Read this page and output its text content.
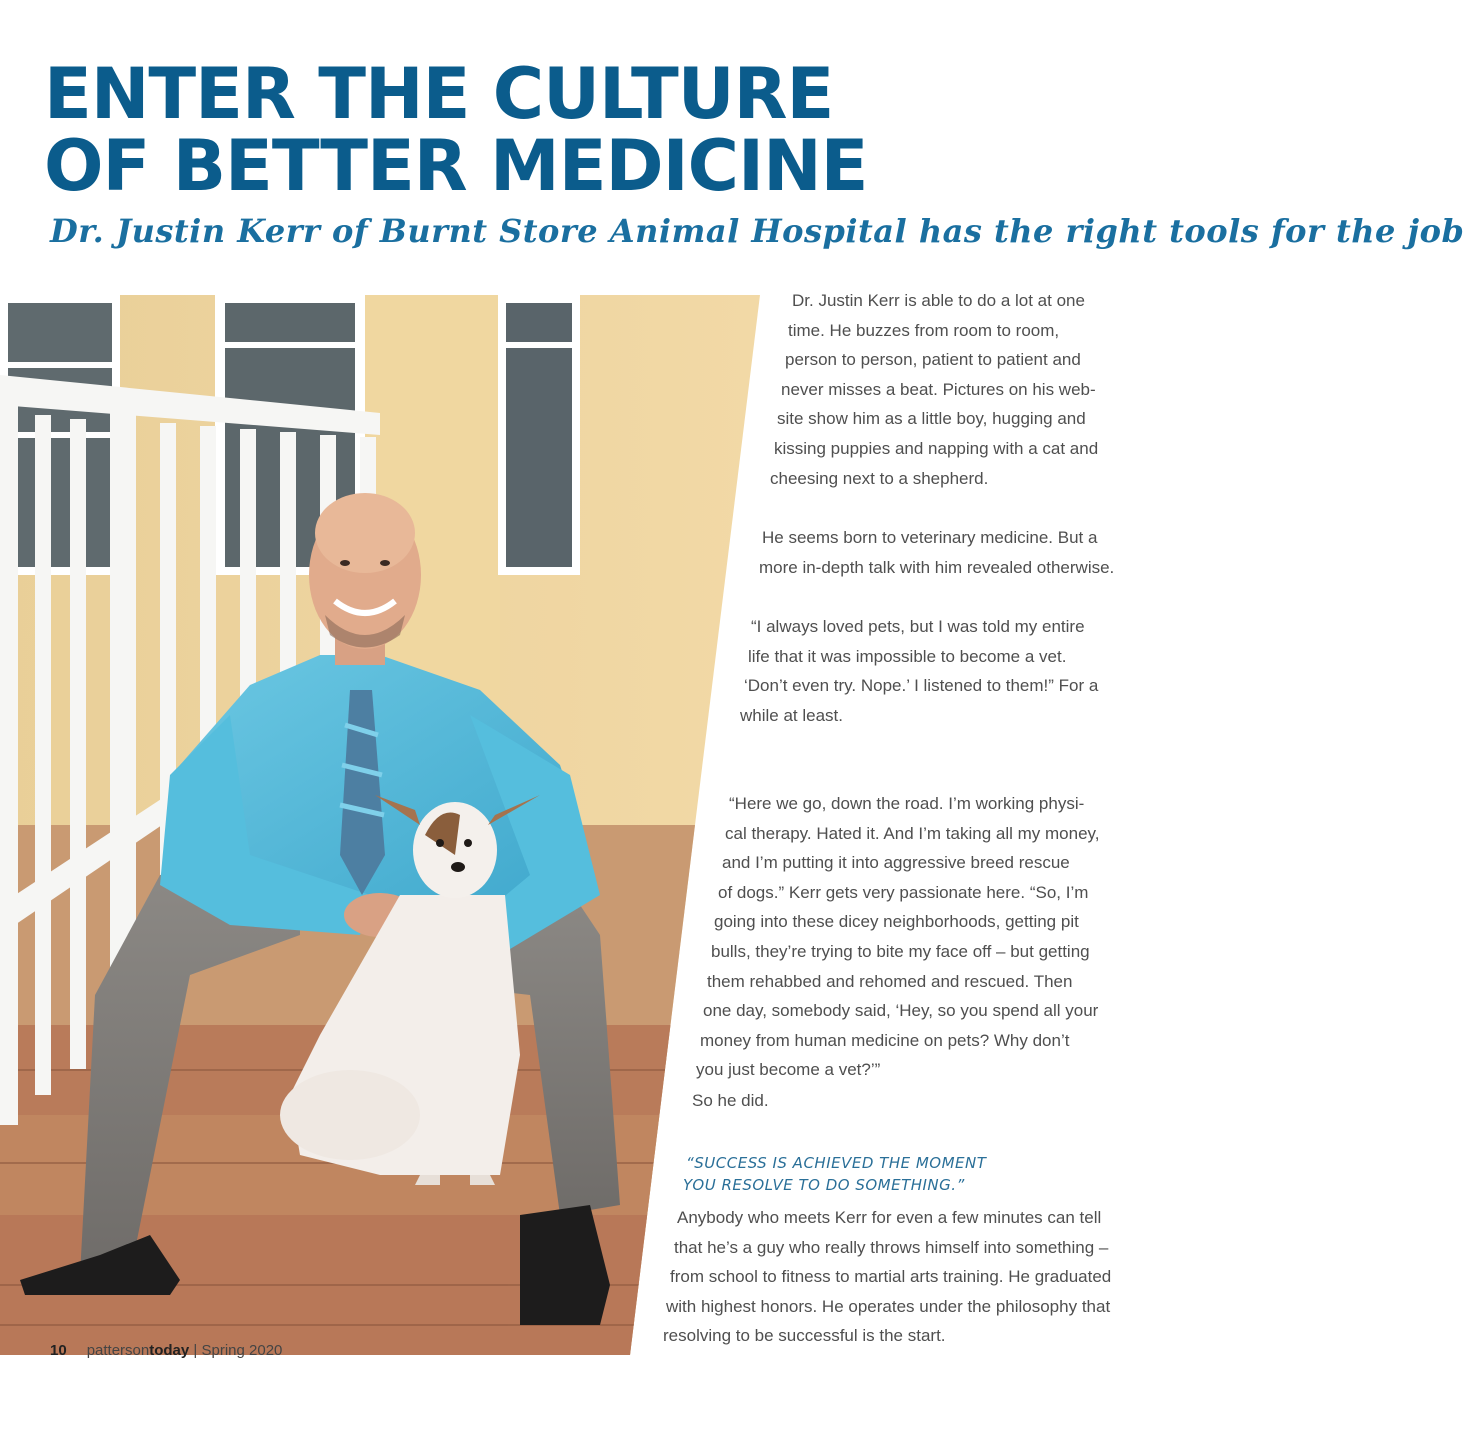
ENTER THE CULTURE
OF BETTER MEDICINE
Dr. Justin Kerr of Burnt Store Animal Hospital has the right tools for the job
Dr. Justin Kerr is able to do a lot at one
time. He buzzes from room to room,
person to person, patient to patient and
never misses a beat. Pictures on his web-
site show him as a little boy, hugging and
kissing puppies and napping with a cat and
cheesing next to a shepherd.
He seems born to veterinary medicine. But a
more in-depth talk with him revealed otherwise.
“I always loved pets, but I was told my entire
life that it was impossible to become a vet.
‘Don’t even try. Nope.’ I listened to them!” For a
while at least.
“Here we go, down the road. I’m working physi-
cal therapy. Hated it. And I’m taking all my money,
and I’m putting it into aggressive breed rescue
of dogs.” Kerr gets very passionate here. “So, I’m
going into these dicey neighborhoods, getting pit
bulls, they’re trying to bite my face off – but getting
them rehabbed and rehomed and rescued. Then
one day, somebody said, ‘Hey, so you spend all your
money from human medicine on pets? Why don’t
you just become a vet?’”
So he did.
“SUCCESS IS ACHIEVED THE MOMENT
YOU RESOLVE TO DO SOMETHING.”
Anybody who meets Kerr for even a few minutes can tell
that he’s a guy who really throws himself into something –
from school to fitness to martial arts training. He graduated
with highest honors. He operates under the philosophy that
resolving to be successful is the start.
10 pattersontoday | Spring 2020
